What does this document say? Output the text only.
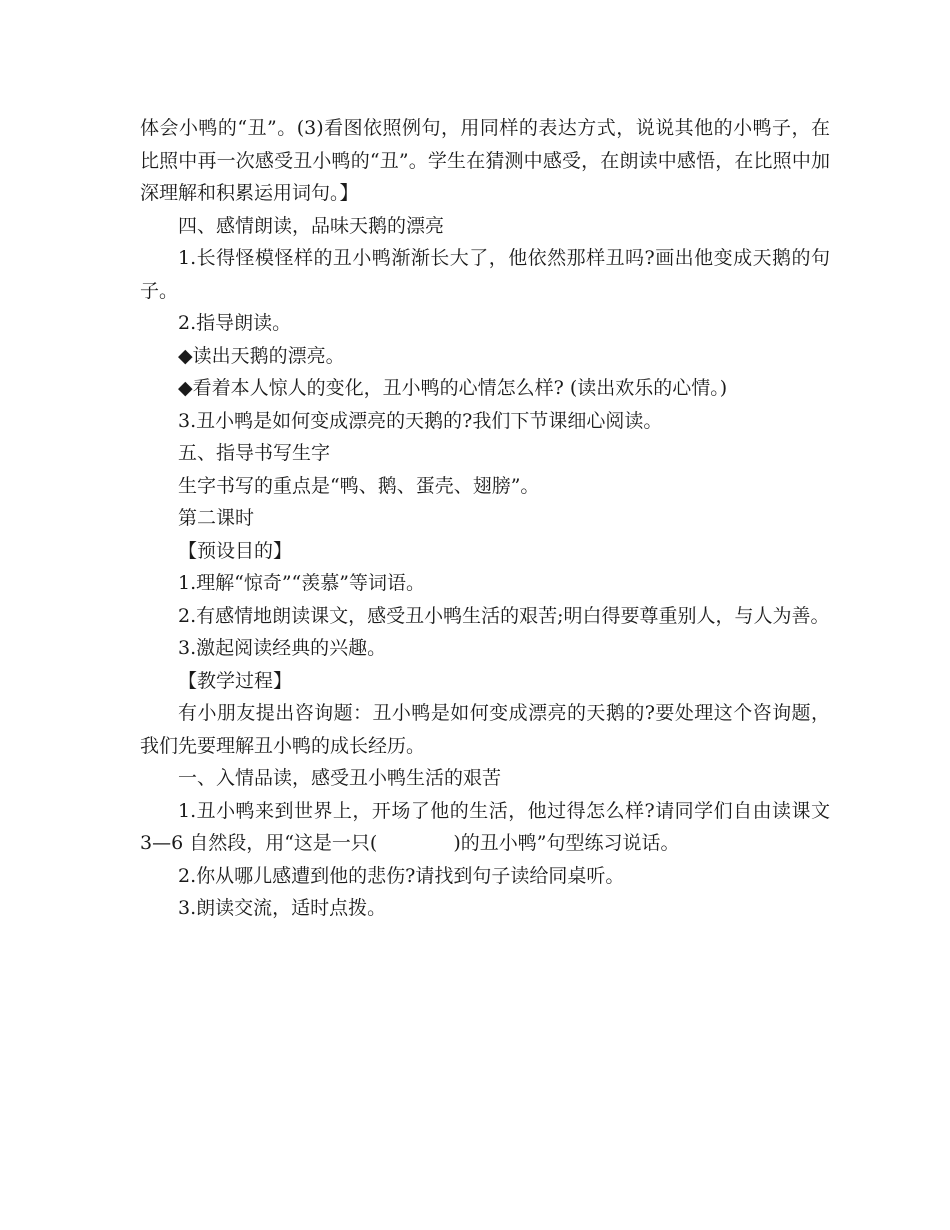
体会小鸭的“丑”。(3)看图依照例句，用同样的表达方式，说说其他的小鸭子，在比照中再一次感受丑小鸭的“丑”。学生在猜测中感受，在朗读中感悟，在比照中加深理解和积累运用词句。】

四、感情朗读，品味天鹅的漂亮

1.长得怪模怪样的丑小鸭渐渐长大了，他依然那样丑吗?画出他变成天鹅的句子。

2.指导朗读。

◆读出天鹅的漂亮。

◆看着本人惊人的变化，丑小鸭的心情怎么样? (读出欢乐的心情。)

3.丑小鸭是如何变成漂亮的天鹅的?我们下节课细心阅读。

五、指导书写生字

生字书写的重点是“鸭、鹅、蛋壳、翅膀”。

第二课时

【预设目的】

1.理解“惊奇”“羡慕”等词语。

2.有感情地朗读课文，感受丑小鸭生活的艰苦;明白得要尊重别人，与人为善。

3.激起阅读经典的兴趣。

【教学过程】

有小朋友提出咨询题：丑小鸭是如何变成漂亮的天鹅的?要处理这个咨询题，我们先要理解丑小鸭的成长经历。

一、入情品读，感受丑小鸭生活的艰苦

1.丑小鸭来到世界上，开场了他的生活，他过得怎么样?请同学们自由读课文 3—6 自然段，用“这是一只(　　　　)的丑小鸭”句型练习说话。

2.你从哪儿感遭到他的悲伤?请找到句子读给同桌听。

3.朗读交流，适时点拨。
